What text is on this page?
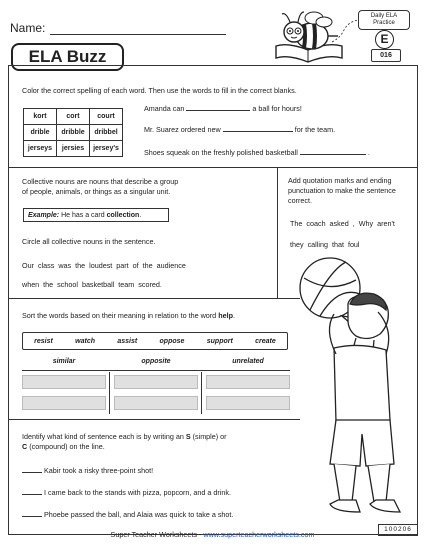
Name:
ELA Buzz
Daily ELA
Practice
E
016
Color the correct spelling of each word. Then use the words to fill in the correct blanks.
kort	cort	court
drible	dribble	dribbel
jerseys	jersies	jersey's
Amanda can	a ball for hours!
Mr. Suarez ordered new	for the team.
Shoes squeak on the freshly polished basketball	.
Collective nouns are nouns that describe a group
of people, animals, or things as a singular unit.
Example: He has a card collection.
Circle all collective nouns in the sentence.
Our class was the loudest part of the audience
when the school basketball team scored.
Add quotation marks and ending
punctuation to make the sentence
correct.
The coach asked , Why aren't
they calling that foul
Sort the words based on their meaning in relation to the word help.
resist	watch	assist	oppose	support	create
similar	opposite	unrelated
Identify what kind of sentence each is by writing an S (simple) or
C (compound) on the line.
Kabir took a risky three-point shot!
I came back to the stands with pizza, popcorn, and a drink.
Phoebe passed the ball, and Alaia was quick to take a shot.
Super Teacher Worksheets - www.superteacherworksheets.com
100206
